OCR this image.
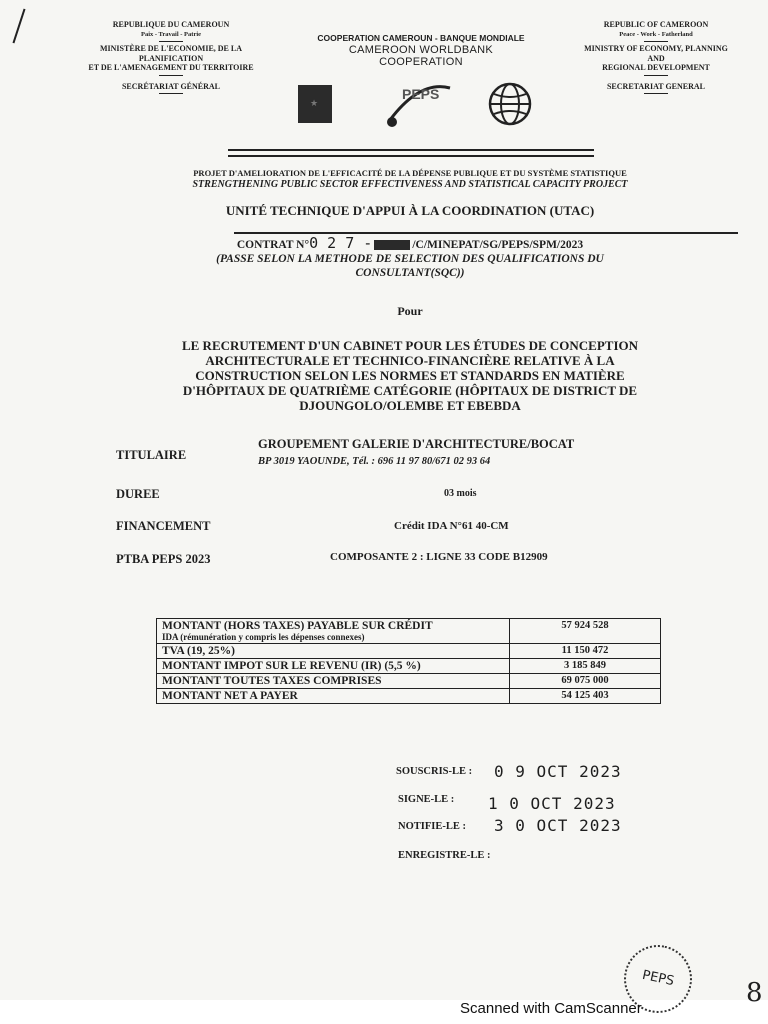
REPUBLIQUE DU CAMEROUN
Paix - Travail - Patrie
MINISTÈRE DE L'ECONOMIE, DE LA
PLANIFICATION
ET DE L'AMENAGEMENT DU TERRITOIRE
SECRÉTARIAT GÉNÉRAL
COOPERATION CAMEROUN - BANQUE MONDIALE
CAMEROON WORLDBANK
COOPERATION
★
PEPS
REPUBLIC OF CAMEROON
Peace - Work - Fatherland
MINISTRY OF ECONOMY, PLANNING
AND
REGIONAL DEVELOPMENT
SECRETARIAT GENERAL
PROJET D'AMELIORATION DE L'EFFICACITÉ DE LA DÉPENSE PUBLIQUE ET DU SYSTÈME STATISTIQUE
STRENGTHENING PUBLIC SECTOR EFFECTIVENESS AND STATISTICAL CAPACITY PROJECT
UNITÉ TECHNIQUE D'APPUI À LA COORDINATION (UTAC)
CONTRAT N°0 2 7 -	/C/MINEPAT/SG/PEPS/SPM/2023
(PASSE SELON LA METHODE DE SELECTION DES QUALIFICATIONS DU
CONSULTANT(SQC))
Pour
LE RECRUTEMENT D'UN CABINET POUR LES ÉTUDES DE CONCEPTION
ARCHITECTURALE ET TECHNICO-FINANCIÈRE RELATIVE À LA
CONSTRUCTION SELON LES NORMES ET STANDARDS EN MATIÈRE
D'HÔPITAUX DE QUATRIÈME CATÉGORIE (HÔPITAUX DE DISTRICT DE
DJOUNGOLO/OLEMBE ET EBEBDA
TITULAIRE
GROUPEMENT GALERIE D'ARCHITECTURE/BOCAT
BP 3019 YAOUNDE, Tél. : 696 11 97 80/671 02 93 64
DUREE	03 mois
FINANCEMENT	Crédit IDA N°61 40-CM
PTBA PEPS 2023	COMPOSANTE 2 : LIGNE 33 CODE B12909
MONTANT (HORS TAXES) PAYABLE SUR CRÉDIT
IDA (rémunération y compris les dépenses connexes)	57 924 528
TVA (19, 25%)	11 150 472
MONTANT IMPOT SUR LE REVENU (IR) (5,5 %)	3 185 849
MONTANT TOUTES TAXES COMPRISES	69 075 000
MONTANT NET A PAYER	54 125 403
SOUSCRIS-LE : 0 9 OCT 2023
SIGNE-LE : 1 0 OCT 2023
NOTIFIE-LE : 3 0 OCT 2023
ENREGISTRE-LE :
PEPS	8
Scanned with CamScanner
